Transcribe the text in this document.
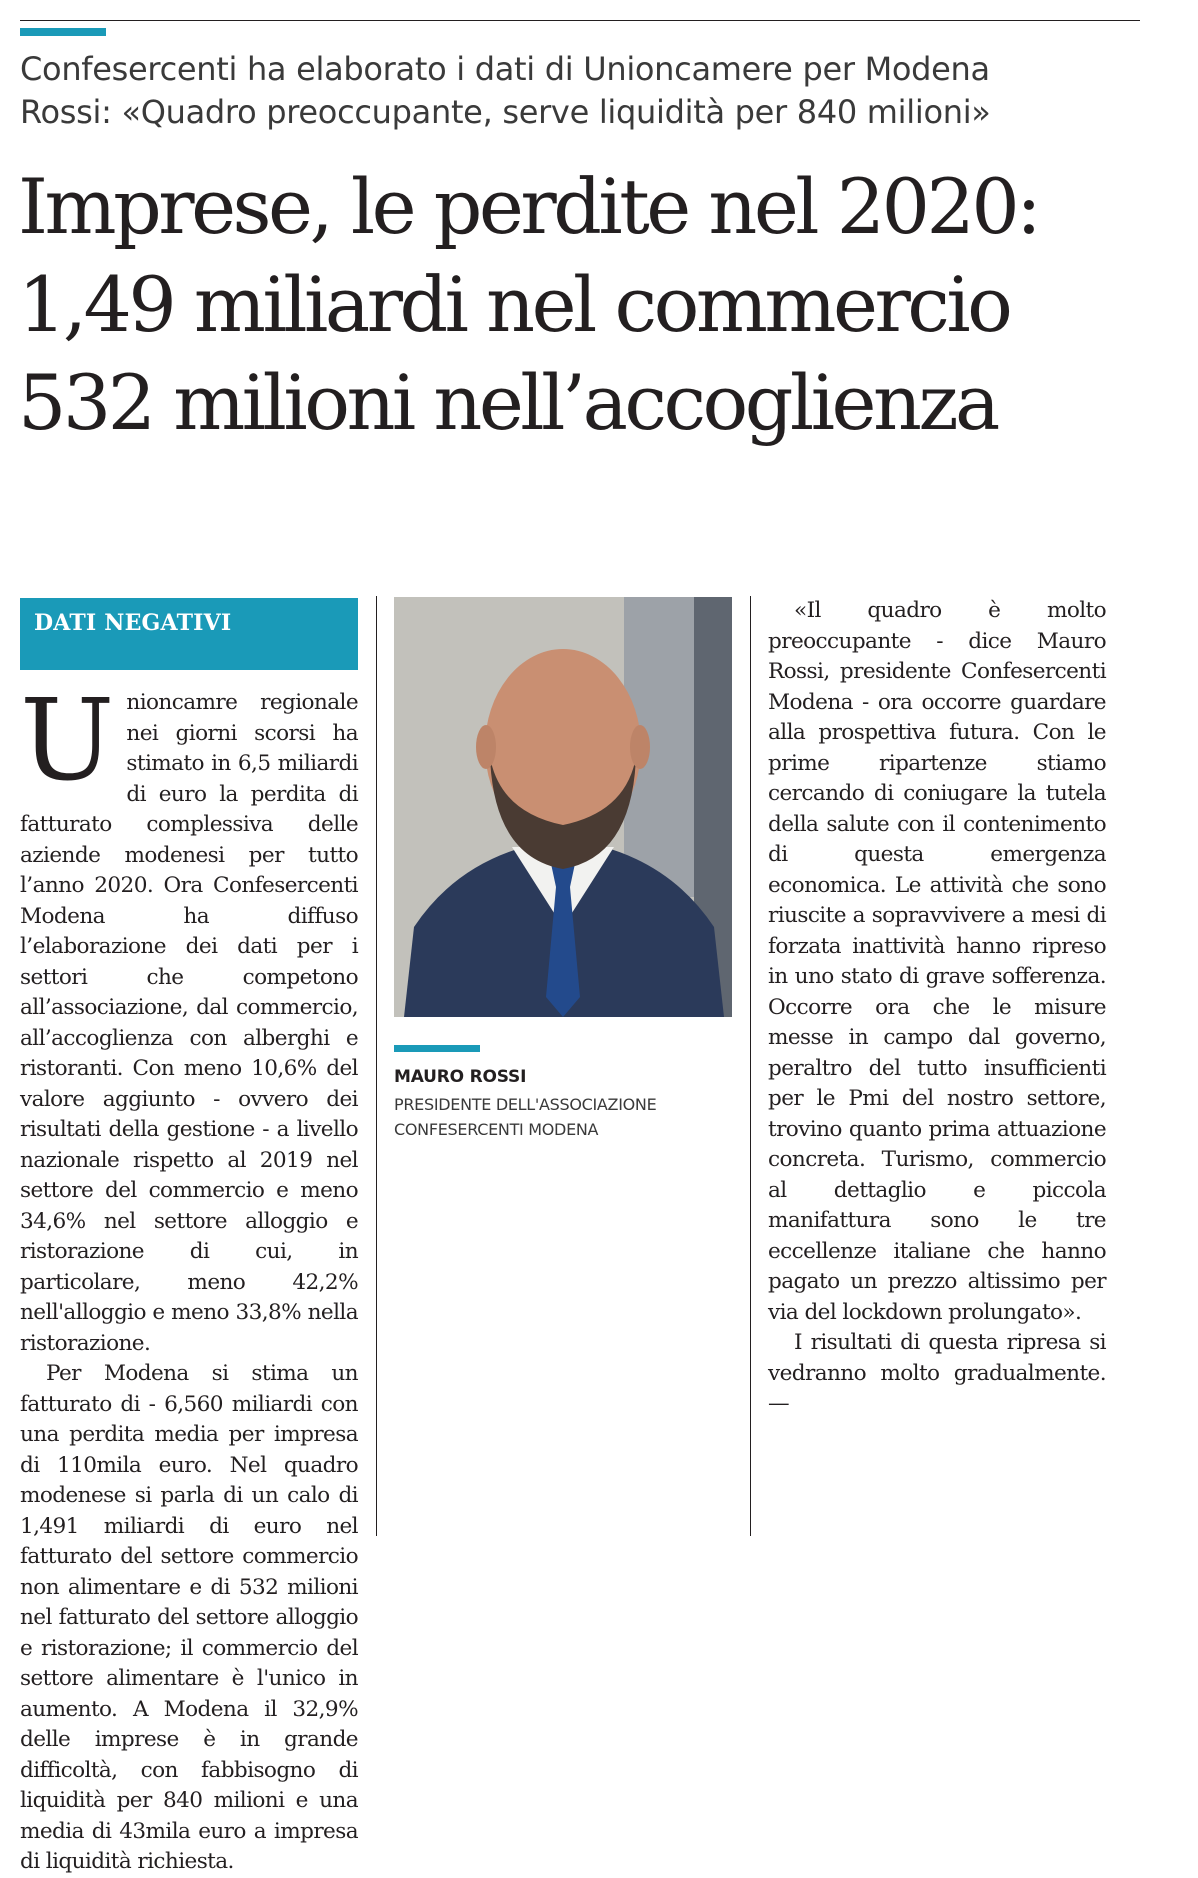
Confesercenti ha elaborato i dati di Unioncamere per Modena
Rossi: «Quadro preoccupante, serve liquidità per 840 milioni»
Imprese, le perdite nel 2020:
1,49 miliardi nel commercio
532 milioni nell’accoglienza
DATI NEGATIVI

Unioncamre regionale nei giorni scorsi ha stimato in 6,5 miliardi di euro la perdita di fatturato complessiva delle aziende modenesi per tutto l’anno 2020. Ora Confesercenti Modena ha diffuso l’elaborazione dei dati per i settori che competono all’associazione, dal commercio, all’accoglienza con alberghi e ristoranti. Con meno 10,6% del valore aggiunto - ovvero dei risultati della gestione - a livello nazionale rispetto al 2019 nel settore del commercio e meno 34,6% nel settore alloggio e ristorazione di cui, in particolare, meno 42,2% nell'alloggio e meno 33,8% nella ristorazione.

Per Modena si stima un fatturato di - 6,560 miliardi con una perdita media per impresa di 110mila euro. Nel quadro modenese si parla di un calo di 1,491 miliardi di euro nel fatturato del settore commercio non alimentare e di 532 milioni nel fatturato del settore alloggio e ristorazione; il commercio del settore alimentare è l'unico in aumento. A Modena il 32,9% delle imprese è in grande difficoltà, con fabbisogno di liquidità per 840 milioni e una media di 43mila euro a impresa di liquidità richiesta.

MAURO ROSSI
PRESIDENTE DELL'ASSOCIAZIONE
CONFESERCENTI MODENA

«Il quadro è molto preoccupante - dice Mauro Rossi, presidente Confesercenti Modena - ora occorre guardare alla prospettiva futura. Con le prime ripartenze stiamo cercando di coniugare la tutela della salute con il contenimento di questa emergenza economica. Le attività che sono riuscite a sopravvivere a mesi di forzata inattività hanno ripreso in uno stato di grave sofferenza. Occorre ora che le misure messe in campo dal governo, peraltro del tutto insufficienti per le Pmi del nostro settore, trovino quanto prima attuazione concreta. Turismo, commercio al dettaglio e piccola manifattura sono le tre eccellenze italiane che hanno pagato un prezzo altissimo per via del lockdown prolungato».

I risultati di questa ripresa si vedranno molto gradualmente. —
